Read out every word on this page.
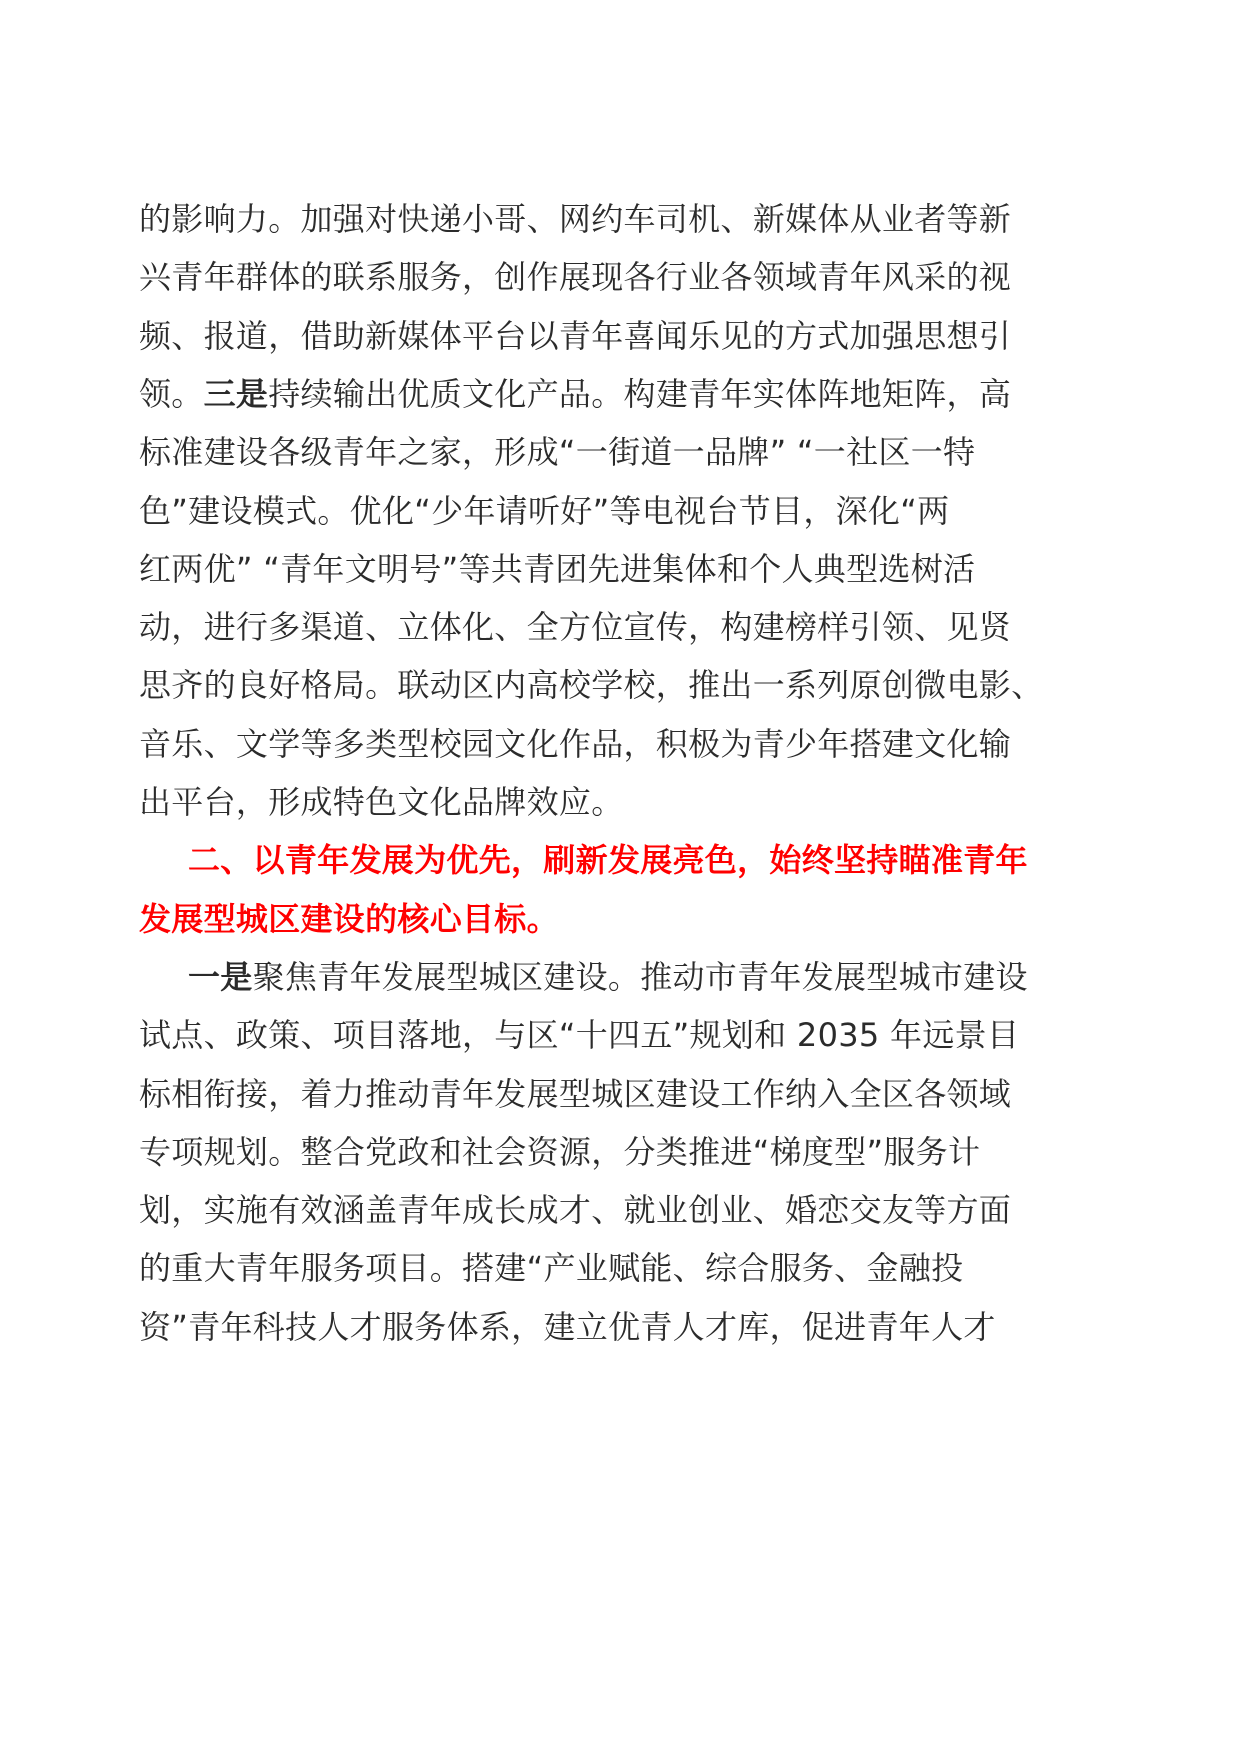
的影响力。加强对快递小哥、网约车司机、新媒体从业者等新
兴青年群体的联系服务，创作展现各行业各领域青年风采的视
频、报道，借助新媒体平台以青年喜闻乐见的方式加强思想引
领。三是持续输出优质文化产品。构建青年实体阵地矩阵，高
标准建设各级青年之家，形成“一街道一品牌” “一社区一特
色”建设模式。优化“少年请听好”等电视台节目，深化“两
红两优” “青年文明号”等共青团先进集体和个人典型选树活
动，进行多渠道、立体化、全方位宣传，构建榜样引领、见贤
思齐的良好格局。联动区内高校学校，推出一系列原创微电影、
音乐、文学等多类型校园文化作品，积极为青少年搭建文化输
出平台，形成特色文化品牌效应。
二、以青年发展为优先，刷新发展亮色，始终坚持瞄准青年
发展型城区建设的核心目标。
一是聚焦青年发展型城区建设。推动市青年发展型城市建设
试点、政策、项目落地，与区“十四五”规划和 2035 年远景目
标相衔接，着力推动青年发展型城区建设工作纳入全区各领域
专项规划。整合党政和社会资源，分类推进“梯度型”服务计
划，实施有效涵盖青年成长成才、就业创业、婚恋交友等方面
的重大青年服务项目。搭建“产业赋能、综合服务、金融投
资”青年科技人才服务体系，建立优青人才库，促进青年人才
